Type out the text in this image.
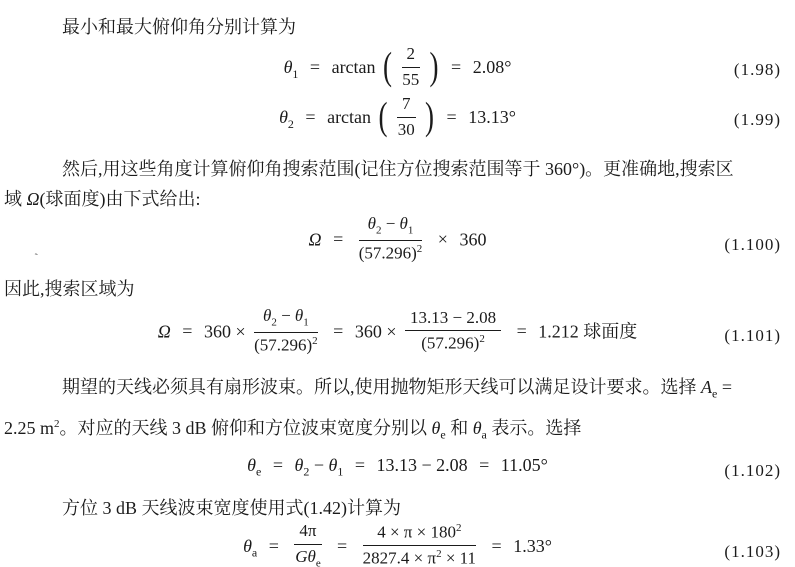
`
最小和最大俯仰角分别计算为
$\theta_1 = \arctan$ ( $\frac{2}{55}$ ) = 2.08°	(1.98)
$\theta_2 = \arctan$ ( $\frac{7}{30}$ ) = 13.13°	(1.99)
然后,用这些角度计算俯仰角搜索范围(记住方位搜索范围等于 360°)。更准确地,搜索区
域 Ω(球面度)由下式给出:
$\Omega = \frac{\theta_2 - \theta_1}{(57.296)^2} \times 360$	(1.100)
因此,搜索区域为
$\Omega = 360 \times \frac{\theta_2 - \theta_1}{(57.296)^2} = 360 \times \frac{13.13 - 2.08}{(57.296)^2} = 1.212$ 球面度	(1.101)
期望的天线必须具有扇形波束。所以,使用抛物矩形天线可以满足设计要求。选择 $A_e$ =
2.25 $m^2$。对应的天线 3 dB 俯仰和方位波束宽度分别以 $\theta_e$ 和 $\theta_a$ 表示。选择
$\theta_e = \theta_2 - \theta_1 = 13.13 - 2.08 = 11.05^\circ$	(1.102)
方位 3 dB 天线波束宽度使用式(1.42)计算为
$\theta_a = \frac{4\pi}{G\theta_e} = \frac{4 \times \pi \times 180^2}{2827.4 \times \pi^2 \times 11} = 1.33^\circ$	(1.103)
